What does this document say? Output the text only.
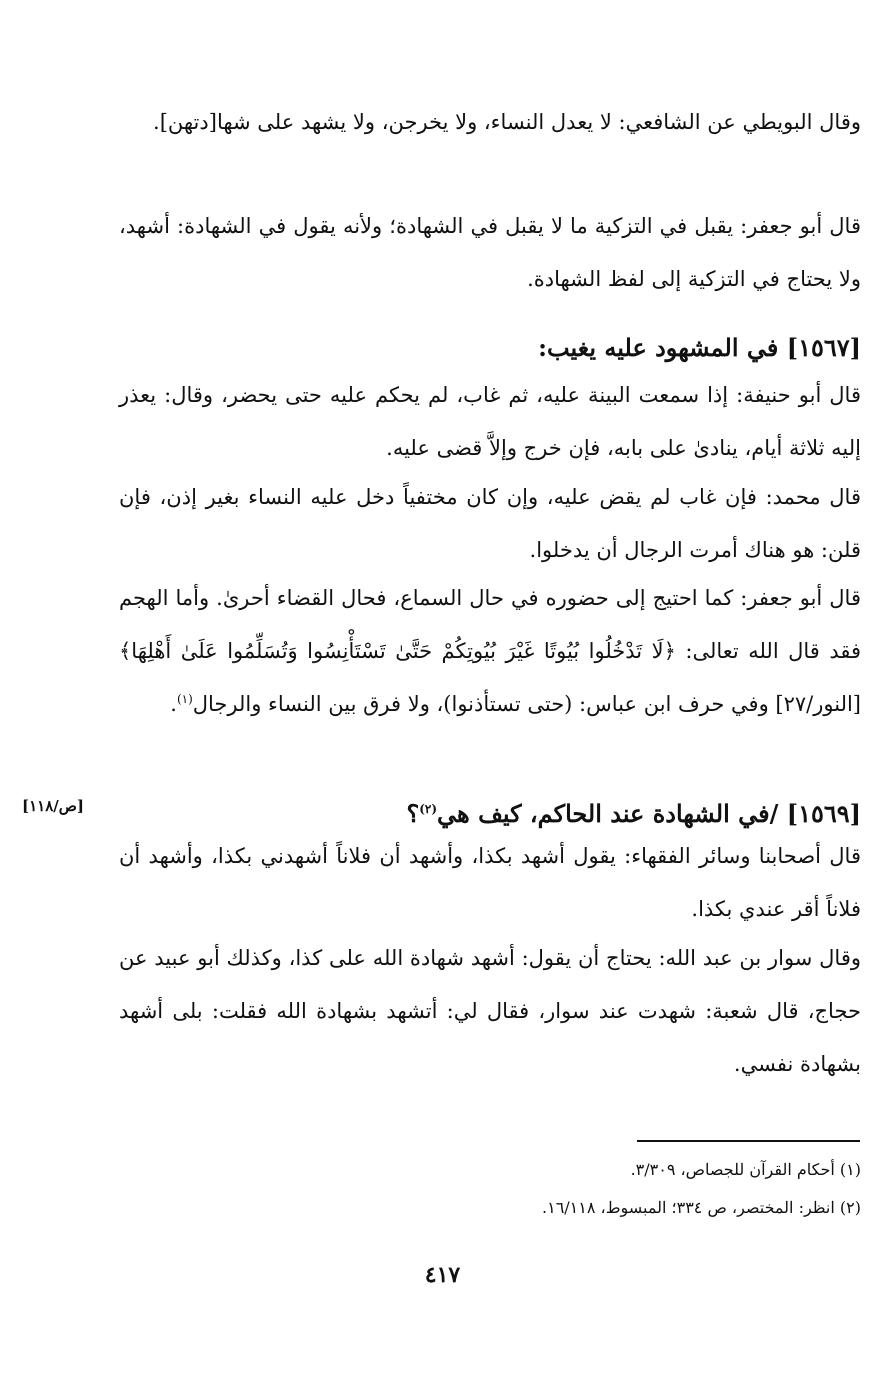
وقال البويطي عن الشافعي: لا يعدل النساء، ولا يخرجن، ولا يشهد على شها[دتهن].

قال أبو جعفر: يقبل في التزكية ما لا يقبل في الشهادة؛ ولأنه يقول في الشهادة: أشهد، ولا يحتاج في التزكية إلى لفظ الشهادة.

[١٥٦٧] في المشهود عليه يغيب:

قال أبو حنيفة: إذا سمعت البينة عليه، ثم غاب، لم يحكم عليه حتى يحضر، وقال: يعذر إليه ثلاثة أيام، ينادىٰ على بابه، فإن خرج وإلاَّ قضى عليه.

قال محمد: فإن غاب لم يقض عليه، وإن كان مختفياً دخل عليه النساء بغير إذن، فإن قلن: هو هناك أمرت الرجال أن يدخلوا.

قال أبو جعفر: كما احتيج إلى حضوره في حال السماع، فحال القضاء أحرىٰ. وأما الهجم فقد قال الله تعالى: ﴿لَا تَدْخُلُوا بُيُوتًا غَيْرَ بُيُوتِكُمْ حَتَّىٰ تَسْتَأْنِسُوا وَتُسَلِّمُوا عَلَىٰ أَهْلِهَا﴾ [النور/٢٧] وفي حرف ابن عباس: (حتى تستأذنوا)، ولا فرق بين النساء والرجال$^{(١)}$.

[١٥٦٩] /في الشهادة عند الحاكم، كيف هي$^{(٢)}$؟
[ص/١١٨]

قال أصحابنا وسائر الفقهاء: يقول أشهد بكذا، وأشهد أن فلاناً أشهدني بكذا، وأشهد أن فلاناً أقر عندي بكذا.

وقال سوار بن عبد الله: يحتاج أن يقول: أشهد شهادة الله على كذا، وكذلك أبو عبيد عن حجاج، قال شعبة: شهدت عند سوار، فقال لي: أتشهد بشهادة الله فقلت: بلى أشهد بشهادة نفسي.

(١) أحكام القرآن للجصاص، ٣/٣٠٩.

(٢) انظر: المختصر، ص ٣٣٤؛ المبسوط، ١٦/١١٨.

٤١٧
